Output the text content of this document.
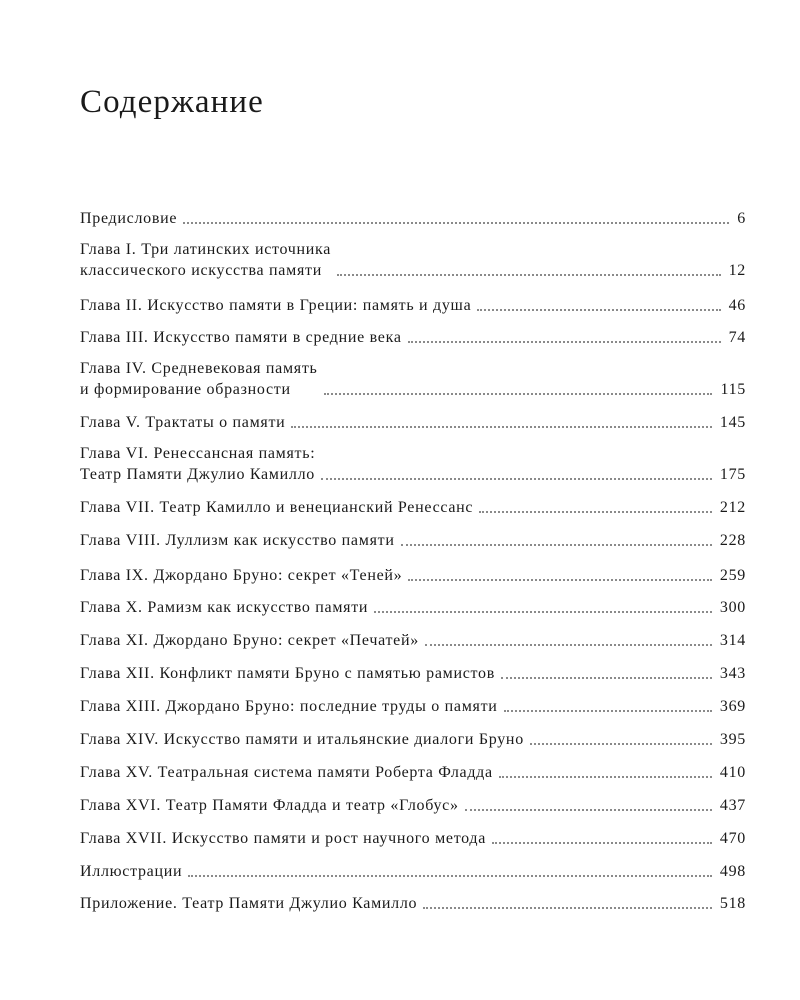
Содержание
Предисловие	6
Глава I. Три латинских источника
классического искусства памяти	12
Глава II. Искусство памяти в Греции: память и душа	46
Глава III. Искусство памяти в средние века	74
Глава IV. Средневековая память
и формирование образности	115
Глава V. Трактаты о памяти	145
Глава VI. Ренессансная память:
Театр Памяти Джулио Камилло	175
Глава VII. Театр Камилло и венецианский Ренессанс	212
Глава VIII. Луллизм как искусство памяти	228
Глава IX. Джордано Бруно: секрет «Теней»	259
Глава X. Рамизм как искусство памяти	300
Глава XI. Джордано Бруно: секрет «Печатей»	314
Глава XII. Конфликт памяти Бруно с памятью рамистов	343
Глава XIII. Джордано Бруно: последние труды о памяти	369
Глава XIV. Искусство памяти и итальянские диалоги Бруно	395
Глава XV. Театральная система памяти Роберта Фладда	410
Глава XVI. Театр Памяти Фладда и театр «Глобус»	437
Глава XVII. Искусство памяти и рост научного метода	470
Иллюстрации	498
Приложение. Театр Памяти Джулио Камилло	518
